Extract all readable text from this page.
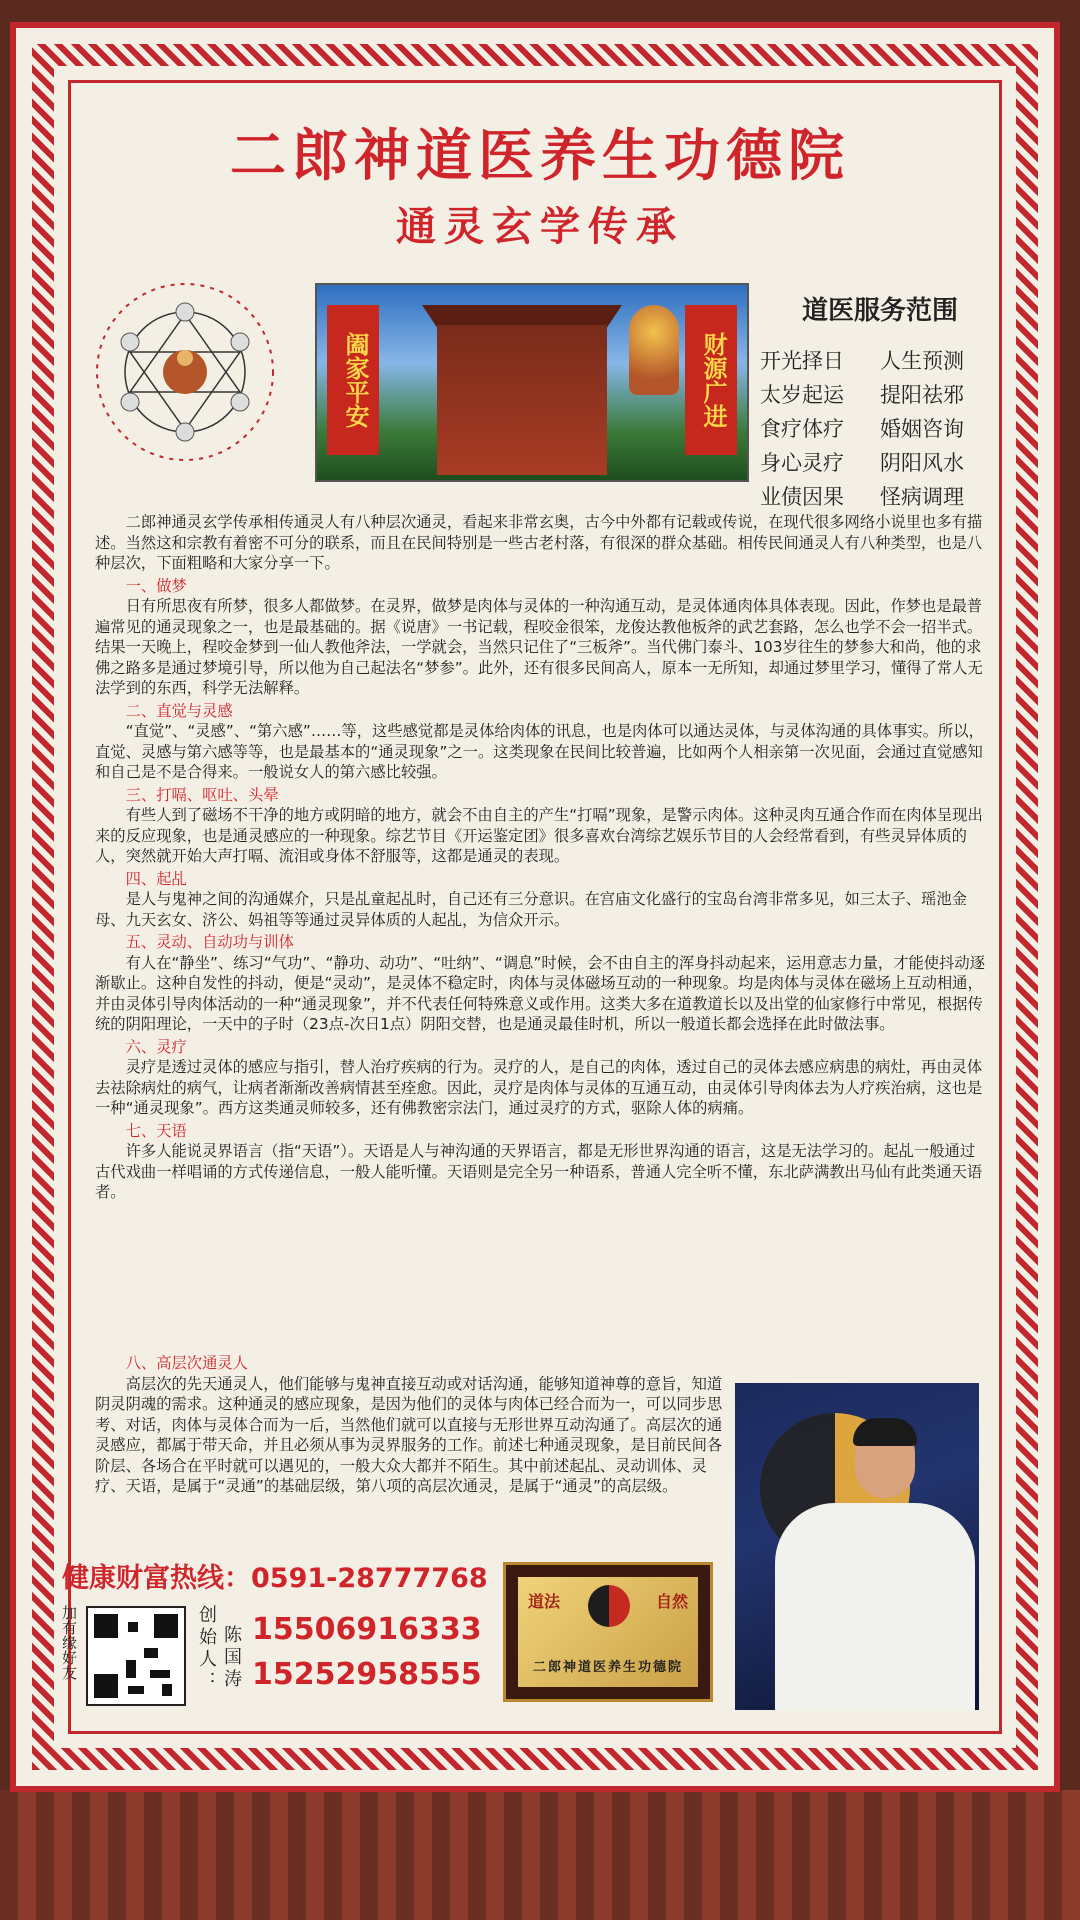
二郎神道医养生功德院
通灵玄学传承
阖家平安	财源广进
道医服务范围
开光择日	人生预测
太岁起运	提阳祛邪
食疗体疗	婚姻咨询
身心灵疗	阴阳风水
业债因果	怪病调理

二郎神通灵玄学传承相传通灵人有八种层次通灵，看起来非常玄奥，古今中外都有记载或传说，在现代很多网络小说里也多有描述。当然这和宗教有着密不可分的联系，而且在民间特别是一些古老村落，有很深的群众基础。相传民间通灵人有八种类型，也是八种层次，下面粗略和大家分享一下。

一、做梦

日有所思夜有所梦，很多人都做梦。在灵界，做梦是肉体与灵体的一种沟通互动，是灵体通肉体具体表现。因此，作梦也是最普遍常见的通灵现象之一，也是最基础的。据《说唐》一书记载，程咬金很笨，龙俊达教他板斧的武艺套路，怎么也学不会一招半式。结果一天晚上，程咬金梦到一仙人教他斧法，一学就会，当然只记住了“三板斧”。当代佛门泰斗、103岁往生的梦参大和尚，他的求佛之路多是通过梦境引导，所以他为自己起法名“梦参”。此外，还有很多民间高人，原本一无所知，却通过梦里学习，懂得了常人无法学到的东西，科学无法解释。

二、直觉与灵感

“直觉”、“灵感”、“第六感”……等，这些感觉都是灵体给肉体的讯息，也是肉体可以通达灵体，与灵体沟通的具体事实。所以，直觉、灵感与第六感等等，也是最基本的“通灵现象”之一。这类现象在民间比较普遍，比如两个人相亲第一次见面，会通过直觉感知和自己是不是合得来。一般说女人的第六感比较强。

三、打嗝、呕吐、头晕

有些人到了磁场不干净的地方或阴暗的地方，就会不由自主的产生“打嗝”现象，是警示肉体。这种灵肉互通合作而在肉体呈现出来的反应现象，也是通灵感应的一种现象。综艺节目《开运鉴定团》很多喜欢台湾综艺娱乐节目的人会经常看到，有些灵异体质的人，突然就开始大声打嗝、流泪或身体不舒服等，这都是通灵的表现。

四、起乩

是人与鬼神之间的沟通媒介，只是乩童起乩时，自己还有三分意识。在宫庙文化盛行的宝岛台湾非常多见，如三太子、瑶池金母、九天玄女、济公、妈祖等等通过灵异体质的人起乩，为信众开示。

五、灵动、自动功与训体

有人在“静坐”、练习“气功”、“静功、动功”、“吐纳”、“调息”时候，会不由自主的浑身抖动起来，运用意志力量，才能使抖动逐渐歇止。这种自发性的抖动，便是“灵动”，是灵体不稳定时，肉体与灵体磁场互动的一种现象。均是肉体与灵体在磁场上互动相通，并由灵体引导肉体活动的一种“通灵现象”，并不代表任何特殊意义或作用。这类大多在道教道长以及出堂的仙家修行中常见，根据传统的阴阳理论，一天中的子时（23点-次日1点）阴阳交替，也是通灵最佳时机，所以一般道长都会选择在此时做法事。

六、灵疗

灵疗是透过灵体的感应与指引，替人治疗疾病的行为。灵疗的人，是自己的肉体，透过自己的灵体去感应病患的病灶，再由灵体去祛除病灶的病气，让病者渐渐改善病情甚至痊愈。因此，灵疗是肉体与灵体的互通互动，由灵体引导肉体去为人疗疾治病，这也是一种“通灵现象”。西方这类通灵师较多，还有佛教密宗法门，通过灵疗的方式，驱除人体的病痛。

七、天语

许多人能说灵界语言（指“天语”）。天语是人与神沟通的天界语言，都是无形世界沟通的语言，这是无法学习的。起乩一般通过古代戏曲一样唱诵的方式传递信息，一般人能听懂。天语则是完全另一种语系，普通人完全听不懂，东北萨满教出马仙有此类通天语者。

八、高层次通灵人

高层次的先天通灵人，他们能够与鬼神直接互动或对话沟通，能够知道神尊的意旨，知道阴灵阴魂的需求。这种通灵的感应现象，是因为他们的灵体与肉体已经合而为一，可以同步思考、对话，肉体与灵体合而为一后，当然他们就可以直接与无形世界互动沟通了。高层次的通灵感应，都属于带天命，并且必须从事为灵界服务的工作。前述七种通灵现象，是目前民间各阶层、各场合在平时就可以遇见的，一般大众大都并不陌生。其中前述起乩、灵动训体、灵疗、天语，是属于“灵通”的基础层级，第八项的高层次通灵，是属于“通灵”的高层级。

健康财富热线：0591-28777768
加有缘好友	创始人： 陈国涛 15506916333
15252958555
道法	自然
二郎神道医养生功德院
